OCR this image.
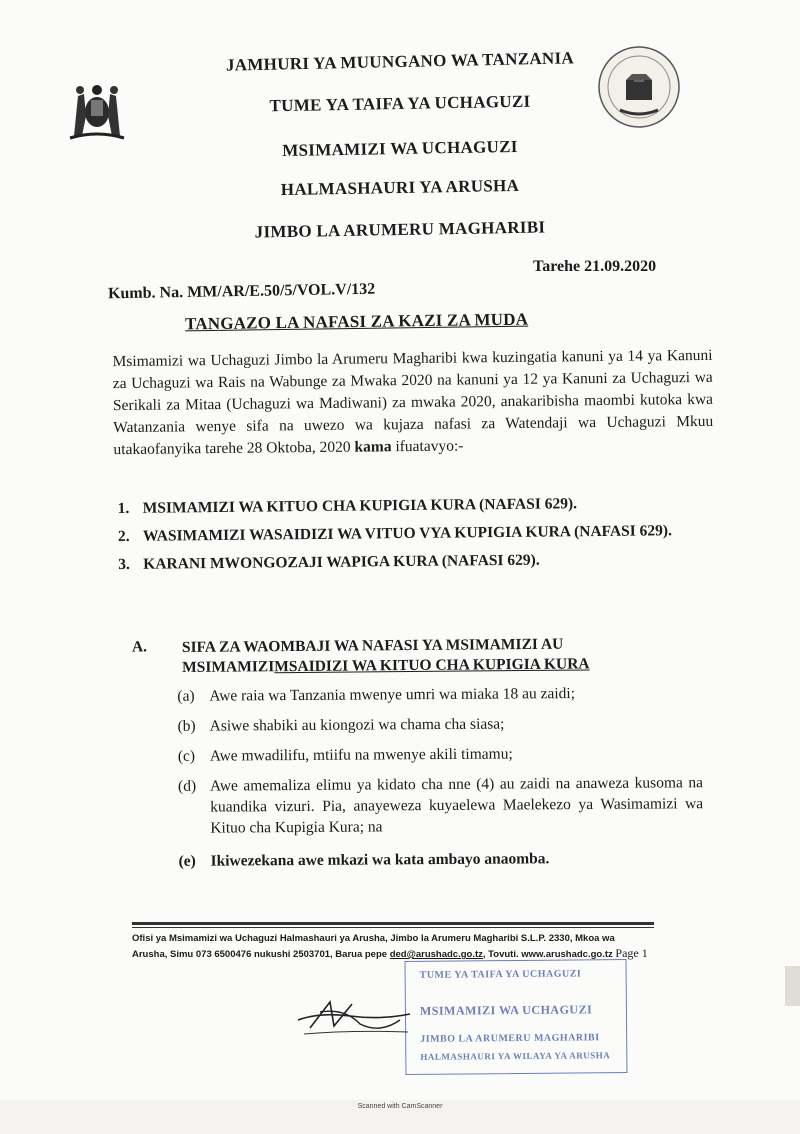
JAMHURI YA MUUNGANO WA TANZANIA
TUME YA TAIFA YA UCHAGUZI
MSIMAMIZI WA UCHAGUZI
HALMASHAURI YA ARUSHA
JIMBO LA ARUMERU MAGHARIBI
Kumb. Na. MM/AR/E.50/5/VOL.V/132
Tarehe 21.09.2020
TANGAZO LA NAFASI ZA KAZI ZA MUDA
Msimamizi wa Uchaguzi Jimbo la Arumeru Magharibi kwa kuzingatia kanuni ya 14 ya Kanuni za Uchaguzi wa Rais na Wabunge za Mwaka 2020 na kanuni ya 12 ya Kanuni za Uchaguzi wa Serikali za Mitaa (Uchaguzi wa Madiwani) za mwaka 2020, anakaribisha maombi kutoka kwa Watanzania wenye sifa na uwezo wa kujaza nafasi za Watendaji wa Uchaguzi Mkuu utakaofanyika tarehe 28 Oktoba, 2020 kama ifuatavyo:-
1. MSIMAMIZI WA KITUO CHA KUPIGIA KURA (NAFASI 629).
2. WASIMAMIZI WASAIDIZI WA VITUO VYA KUPIGIA KURA (NAFASI 629).
3. KARANI MWONGOZAJI WAPIGA KURA (NAFASI 629).
A. SIFA ZA WAOMBAJI WA NAFASI YA MSIMAMIZI AU
MSIMAMIZIMSAIDIZI WA KITUO CHA KUPIGIA KURA
(a) Awe raia wa Tanzania mwenye umri wa miaka 18 au zaidi;
(b) Asiwe shabiki au kiongozi wa chama cha siasa;
(c) Awe mwadilifu, mtiifu na mwenye akili timamu;
(d) Awe amemaliza elimu ya kidato cha nne (4) au zaidi na anaweza kusoma na kuandika vizuri. Pia, anayeweza kuyaelewa Maelekezo ya Wasimamizi wa Kituo cha Kupigia Kura; na
(e) Ikiwezekana awe mkazi wa kata ambayo anaomba.
Ofisi ya Msimamizi wa Uchaguzi Halmashauri ya Arusha, Jimbo la Arumeru Magharibi S.L.P. 2330, Mkoa wa
Arusha, Simu 073 6500476 nukushi 2503701, Barua pepe ded@arushadc.go.tz, Tovuti. www.arushadc.go.tz Page 1
TUME YA TAIFA YA UCHAGUZI
MSIMAMIZI WA UCHAGUZI
JIMBO LA ARUMERU MAGHARIBI
HALMASHAURI YA WILAYA YA ARUSHA
Scanned with CamScanner
